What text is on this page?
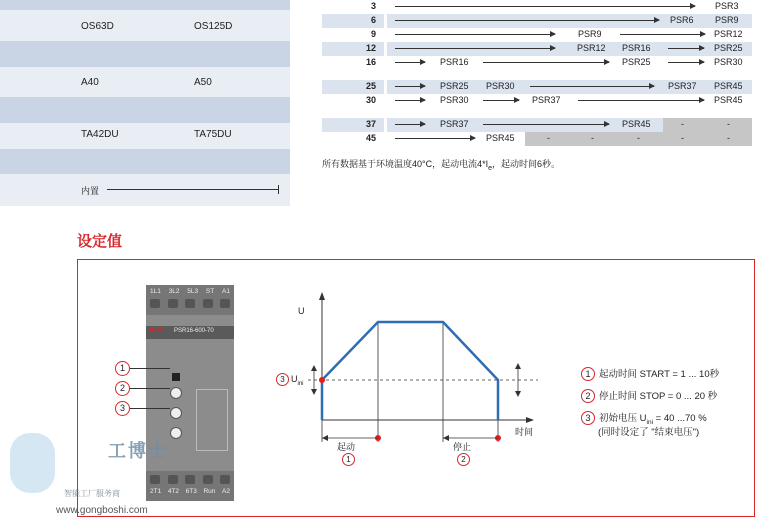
OS63D	OS125D
A40	A50
TA42DU	TA75DU
内置
3	PSR3
6	PSR6 PSR9
9	PSR9	PSR12
12	PSR12 PSR16	PSR25
16	PSR16	PSR25	PSR30
25	PSR25 PSR30	PSR37 PSR45
30	PSR30	PSR37	PSR45
37	PSR37	PSR45	-	-
45	PSR45	-	-	-	-	-
所有数据基于环境温度40°C，起动电流$4*I_e$，起动时间6秒。
设定值
1L1 3L2 5L3 ST A1
ABB PSR16-600-70
2T1 4T2 6T3 Run A2
1
2
3
U
时间
3 $U_{ini}$
起动
1
停止
2
1 起动时间 START = 1 ... 10秒
2 停止时间 STOP = 0 ... 20 秒
3 初始电压 $U_{ini} = 40$ ...70 %
(同时设定了 "结束电压")
工博士
智能工厂服务商
www.gongboshi.com
